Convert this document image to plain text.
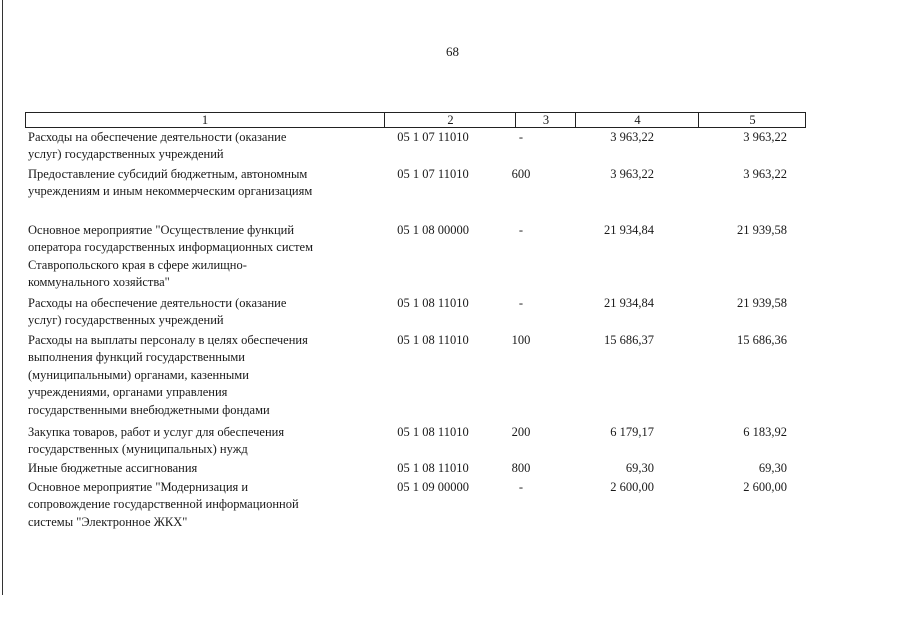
68
1	2	3	4	5
Расходы на обеспечение деятельности (оказание
услуг) государственных учреждений
05 1 07 11010	-	3 963,22	3 963,22
Предоставление субсидий бюджетным, автономным
учреждениям и иным некоммерческим организациям
05 1 07 11010	600	3 963,22	3 963,22
Основное мероприятие "Осуществление функций
оператора государственных информационных систем
Ставропольского края в сфере жилищно-
коммунального хозяйства"
05 1 08 00000	-	21 934,84	21 939,58
Расходы на обеспечение деятельности (оказание
услуг) государственных учреждений
05 1 08 11010	-	21 934,84	21 939,58
Расходы на выплаты персоналу в целях обеспечения
выполнения функций государственными
(муниципальными) органами, казенными
учреждениями, органами управления
государственными внебюджетными фондами
05 1 08 11010	100	15 686,37	15 686,36
Закупка товаров, работ и услуг для обеспечения
государственных (муниципальных) нужд
05 1 08 11010	200	6 179,17	6 183,92
Иные бюджетные ассигнования	05 1 08 11010	800	69,30	69,30
Основное мероприятие "Модернизация и
сопровождение государственной информационной
системы "Электронное ЖКХ"
05 1 09 00000	-	2 600,00	2 600,00
